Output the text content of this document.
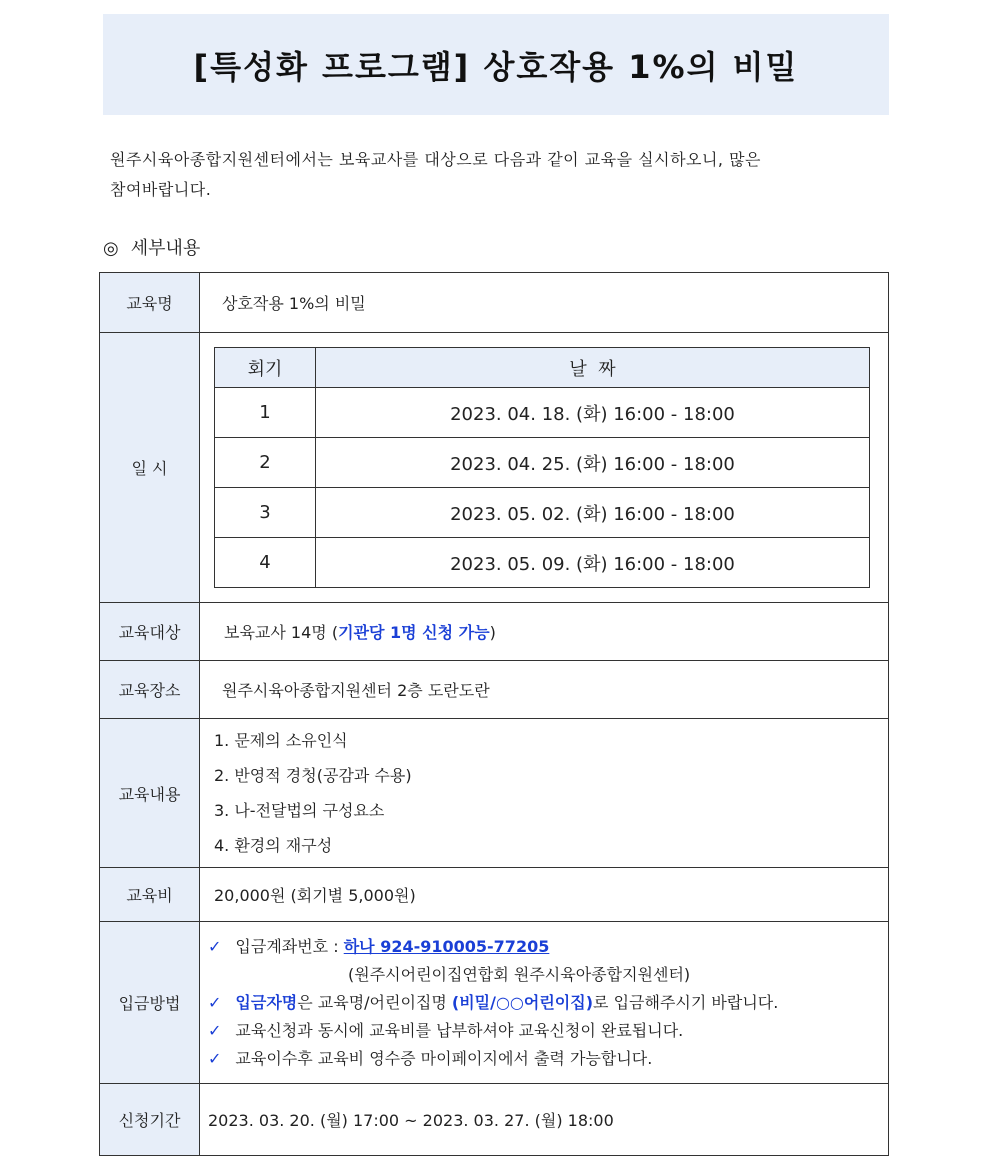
[특성화 프로그램] 상호작용 1%의 비밀
원주시육아종합지원센터에서는 보육교사를 대상으로 다음과 같이 교육을 실시하오니, 많은
참여바랍니다.
◎ 세부내용
교육명	상호작용 1%의 비밀
일 시	
회기	날  짜
1	2023. 04. 18. (화) 16:00 - 18:00
2	2023. 04. 25. (화) 16:00 - 18:00
3	2023. 05. 02. (화) 16:00 - 18:00
4	2023. 05. 09. (화) 16:00 - 18:00

교육대상	보육교사 14명 (기관당 1명 신청 가능)
교육장소	원주시육아종합지원센터 2층 도란도란
교육내용	
1. 문제의 소유인식
2. 반영적 경청(공감과 수용)
3. 나-전달법의 구성요소
4. 환경의 재구성

교육비	20,000원 (회기별 5,000원)
입금방법	
✓ 입금계좌번호 : 하나 924-910005-77205
(원주시어린이집연합회 원주시육아종합지원센터)
✓ 입금자명은 교육명/어린이집명 (비밀/○○어린이집)로 입금해주시기 바랍니다.
✓ 교육신청과 동시에 교육비를 납부하셔야 교육신청이 완료됩니다.
✓ 교육이수후 교육비 영수증 마이페이지에서 출력 가능합니다.

신청기간	2023. 03. 20. (월) 17:00 ~ 2023. 03. 27. (월) 18:00
